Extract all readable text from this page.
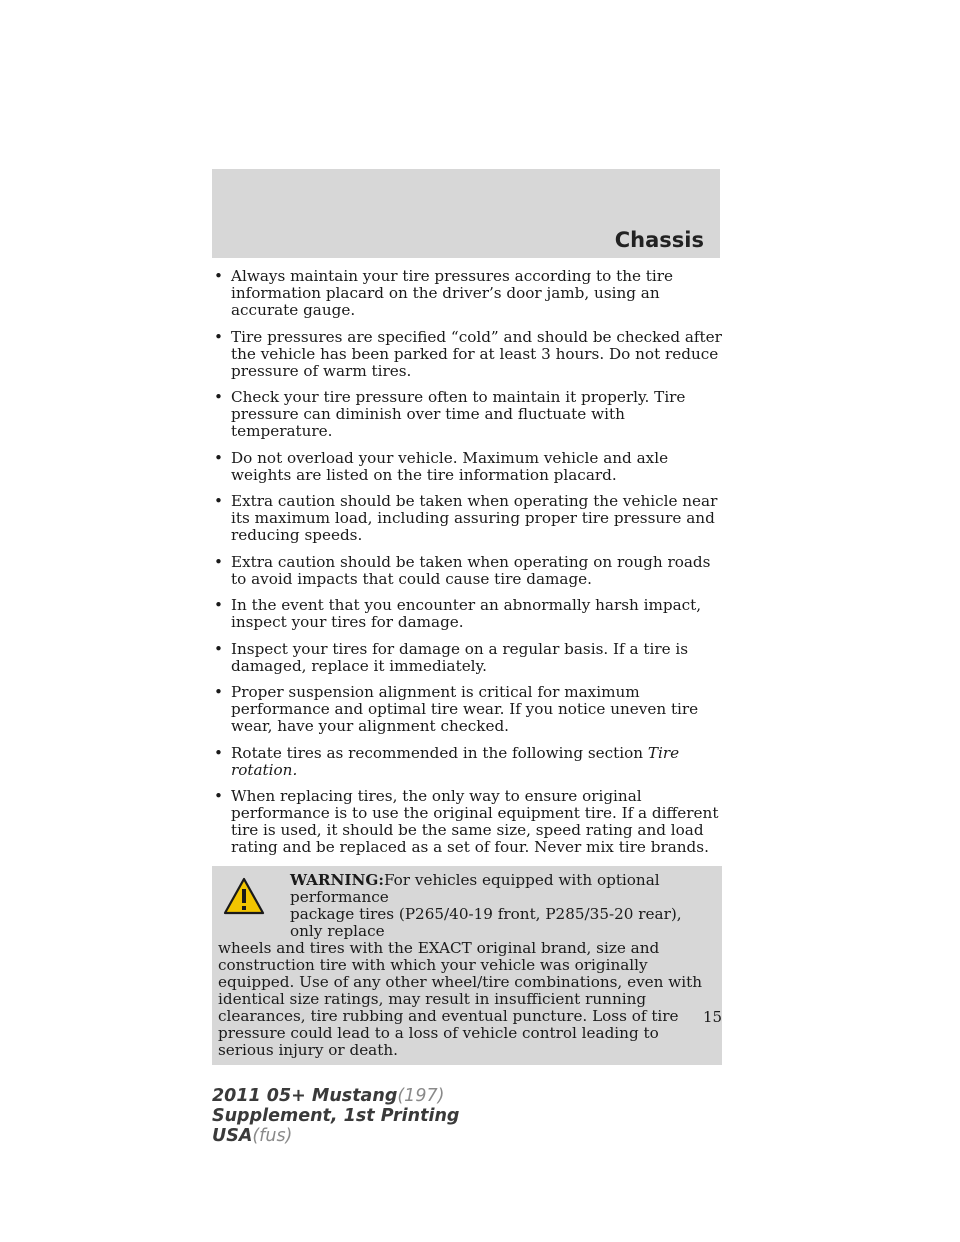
Chassis
• Always maintain your tire pressures according to the tire information placard on the driver’s door jamb, using an accurate gauge.
• Tire pressures are specified “cold” and should be checked after the vehicle has been parked for at least 3 hours. Do not reduce pressure of warm tires.
• Check your tire pressure often to maintain it properly. Tire pressure can diminish over time and fluctuate with temperature.
• Do not overload your vehicle. Maximum vehicle and axle weights are listed on the tire information placard.
• Extra caution should be taken when operating the vehicle near its maximum load, including assuring proper tire pressure and reducing speeds.
• Extra caution should be taken when operating on rough roads to avoid impacts that could cause tire damage.
• In the event that you encounter an abnormally harsh impact, inspect your tires for damage.
• Inspect your tires for damage on a regular basis. If a tire is damaged, replace it immediately.
• Proper suspension alignment is critical for maximum performance and optimal tire wear. If you notice uneven tire wear, have your alignment checked.
• Rotate tires as recommended in the following section Tire rotation.
• When replacing tires, the only way to ensure original performance is to use the original equipment tire. If a different tire is used, it should be the same size, speed rating and load rating and be replaced as a set of four. Never mix tire brands.
WARNING:For vehicles equipped with optional performance
package tires (P265/40-19 front, P285/35-20 rear), only replace
wheels and tires with the EXACT original brand, size and construction tire with which your vehicle was originally equipped. Use of any other wheel/tire combinations, even with identical size ratings, may result in insufficient running clearances, tire rubbing and eventual puncture. Loss of tire pressure could lead to a loss of vehicle control leading to serious injury or death.
15
2011 05+ Mustang(197)
Supplement, 1st Printing
USA(fus)
